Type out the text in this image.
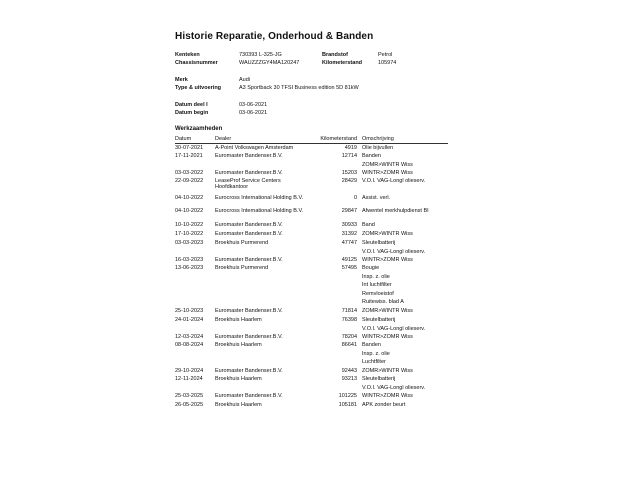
Historie Reparatie, Onderhoud & Banden
Kenteken	730393 L-325-JG	Brandstof	Petrol
Chassisnummer	WAUZZZGY4MA120247	Kilometerstand	105974
Merk	Audi
Type & uitvoering	A3 Sportback 30 TFSI Business edition 5D 81kW
Datum deel I	03-06-2021
Datum begin	03-06-2021
Werkzaamheden
Datum	Dealer	Kilometerstand Omschrijving
30-07-2021 A-Point Volkswagen Amsterdam	4919 Olie bijvullen
17-11-2021 Euromaster Bandenser.B.V.	12714 Banden
ZOMR>WINTR Wiss
03-03-2022 Euromaster Bandenser.B.V.	15203 WINTR>ZOMR Wiss
22-09-2022 LeaseProf Service Centers Hoofdkantoor
28429 V.O.I. VAG-Longl olieserv.
04-10-2022 Eurocross International Holding B.V.	0 Assist. verl.
04-10-2022 Eurocross International Holding B.V.	29847 Afwentel merkhulpdienst BI
10-10-2022 Euromaster Bandenser.B.V.	30933 Band
17-10-2022 Euromaster Bandenser.B.V.	31392 ZOMR>WINTR Wiss
03-03-2023 Broekhuis Purmerend	47747 Sleutelbatterij
V.O.I. VAG-Longl olieserv.
16-03-2023 Euromaster Bandenser.B.V.	49125 WINTR>ZOMR Wiss
13-06-2023 Broekhuis Purmerend	57495 Bougie
Insp. z. olie
Int luchtfilter
Remvloeistof
Ruitewiss. blad A
25-10-2023 Euromaster Bandenser.B.V.	71814 ZOMR>WINTR Wiss
24-01-2024 Broekhuis Haarlem	76398 Sleutelbatterij
V.O.I. VAG-Longl olieserv.
12-03-2024 Euromaster Bandenser.B.V.	78204 WINTR>ZOMR Wiss
08-08-2024 Broekhuis Haarlem	86641 Banden
Insp. z. olie
Luchtfilter
29-10-2024 Euromaster Bandenser.B.V.	92443 ZOMR>WINTR Wiss
12-11-2024 Broekhuis Haarlem	93213 Sleutelbatterij
V.O.I. VAG-Longl olieserv.
25-03-2025 Euromaster Bandenser.B.V.	101225 WINTR>ZOMR Wiss
26-05-2025 Broekhuis Haarlem	105181 APK zonder beurt
